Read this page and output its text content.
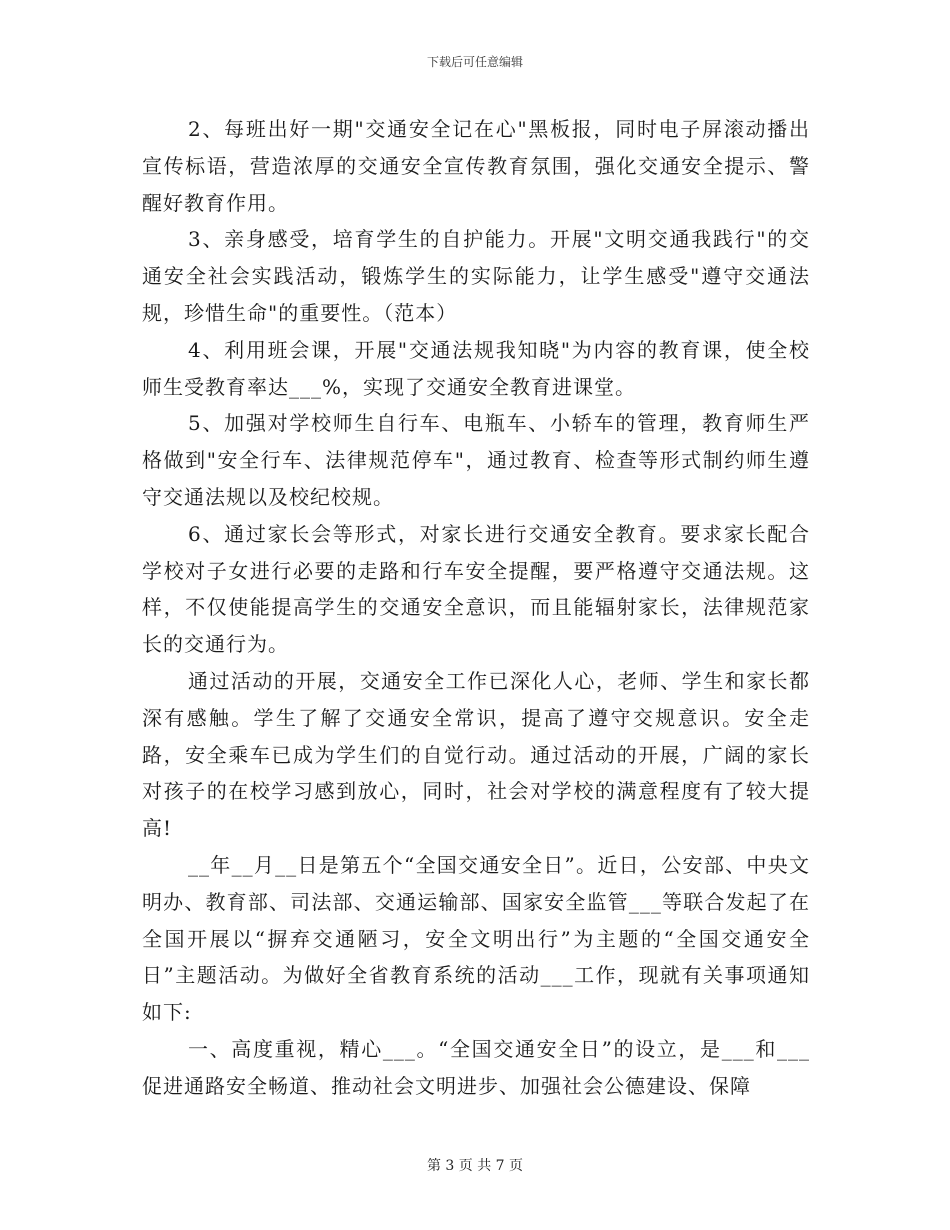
下载后可任意编辑

2、每班出好一期"交通安全记在心"黑板报，同时电子屏滚动播出宣传标语，营造浓厚的交通安全宣传教育氛围，强化交通安全提示、警醒好教育作用。

3、亲身感受，培育学生的自护能力。开展"文明交通我践行"的交通安全社会实践活动，锻炼学生的实际能力，让学生感受"遵守交通法规，珍惜生命"的重要性。（范本）

4、利用班会课，开展"交通法规我知晓"为内容的教育课，使全校师生受教育率达___%，实现了交通安全教育进课堂。

5、加强对学校师生自行车、电瓶车、小轿车的管理，教育师生严格做到"安全行车、法律规范停车"，通过教育、检查等形式制约师生遵守交通法规以及校纪校规。

6、通过家长会等形式，对家长进行交通安全教育。要求家长配合学校对子女进行必要的走路和行车安全提醒，要严格遵守交通法规。这样，不仅使能提高学生的交通安全意识，而且能辐射家长，法律规范家长的交通行为。

通过活动的开展，交通安全工作已深化人心，老师、学生和家长都深有感触。学生了解了交通安全常识，提高了遵守交规意识。安全走路，安全乘车已成为学生们的自觉行动。通过活动的开展，广阔的家长对孩子的在校学习感到放心，同时，社会对学校的满意程度有了较大提高!

__年__月__日是第五个“全国交通安全日”。近日，公安部、中央文明办、教育部、司法部、交通运输部、国家安全监管___等联合发起了在全国开展以“摒弃交通陋习，安全文明出行”为主题的“全国交通安全日”主题活动。为做好全省教育系统的活动___工作，现就有关事项通知如下:

一、高度重视，精心___。“全国交通安全日”的设立，是___和___促进通路安全畅道、推动社会文明进步、加强社会公德建设、保障

第 3 页 共 7 页
